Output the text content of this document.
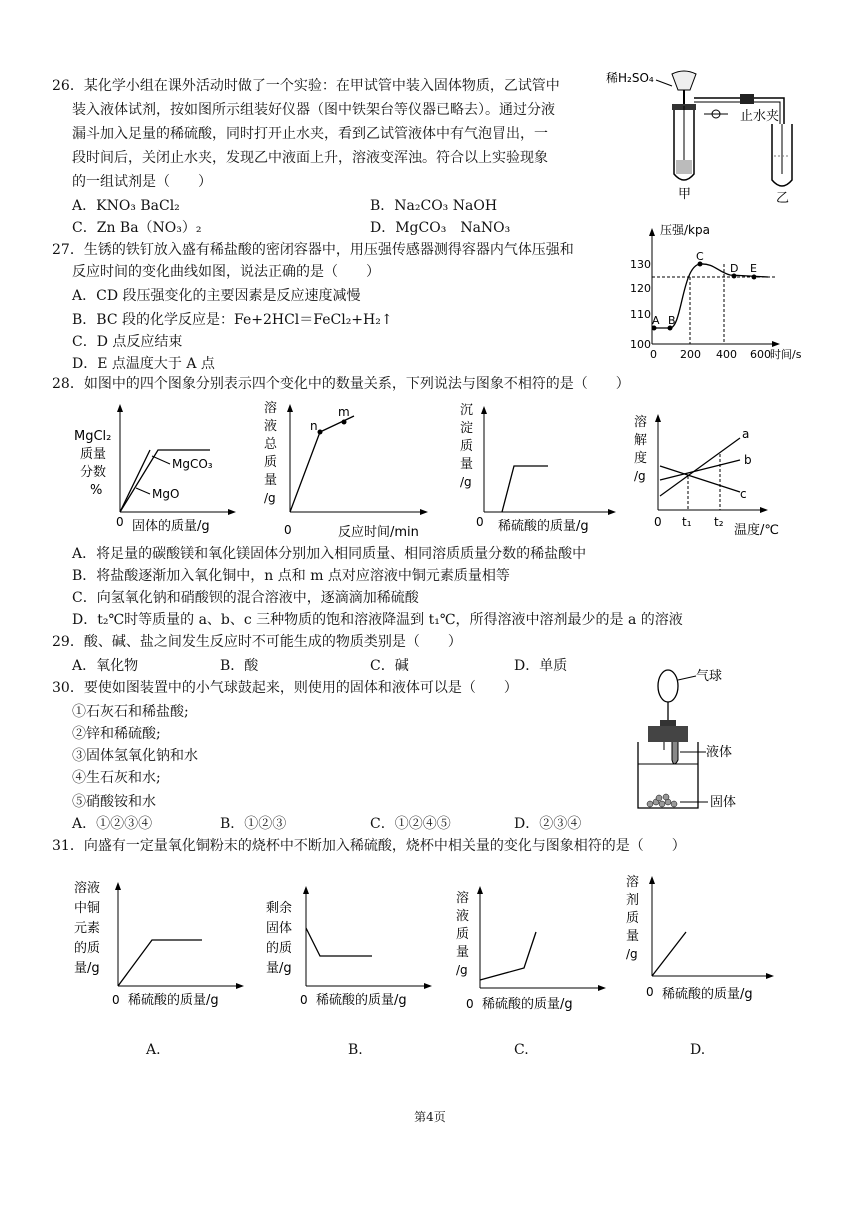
26．某化学小组在课外活动时做了一个实验：在甲试管中装入固体物质，乙试管中
装入液体试剂，按如图所示组装好仪器（图中铁架台等仪器已略去）。通过分液
漏斗加入足量的稀硫酸，同时打开止水夹，看到乙试管液体中有气泡冒出，一
段时间后，关闭止水夹，发现乙中液面上升，溶液变浑浊。符合以上实验现象
的一组试剂是（　　）
A．KNO₃ BaCl₂	B．Na₂CO₃ NaOH
C．Zn Ba（NO₃）₂	D．MgCO₃　NaNO₃
稀H₂SO₄
止水夹
甲	乙
27．生锈的铁钉放入盛有稀盐酸的密闭容器中，用压强传感器测得容器内气体压强和
反应时间的变化曲线如图，说法正确的是（　　）
A．CD 段压强变化的主要因素是反应速度减慢
B．BC 段的化学反应是：Fe+2HCl＝FeCl₂+H₂↑
C．D 点反应结束
D．E 点温度大于 A 点
压强/kpa
130
120
110
100
0 200 400 600 时间/s
A B
C
D E
28．如图中的四个图象分别表示四个变化中的数量关系，下列说法与图象不相符的是（　　）
MgCl₂
质量
分数
%
MgCO₃
MgO
0 固体的质量/g
溶
液
总
质
量
/g
n
m
0	反应时间/min
沉
淀
质
量
/g
0 稀硫酸的质量/g
溶
解
度
/g
a
b
c
0 t₁ t₂
温度/℃
A．将足量的碳酸镁和氧化镁固体分别加入相同质量、相同溶质质量分数的稀盐酸中
B．将盐酸逐渐加入氧化铜中，n 点和 m 点对应溶液中铜元素质量相等
C．向氢氧化钠和硝酸钡的混合溶液中，逐滴滴加稀硫酸
D．t₂℃时等质量的 a、b、c 三种物质的饱和溶液降温到 t₁℃，所得溶液中溶剂最少的是 a 的溶液
29．酸、碱、盐之间发生反应时不可能生成的物质类别是（　　）
A．氧化物	B．酸	C．碱	D．单质
30．要使如图装置中的小气球鼓起来，则使用的固体和液体可以是（　　）
①石灰石和稀盐酸;
②锌和稀硫酸;
③固体氢氧化钠和水
④生石灰和水;
⑤硝酸铵和水
A．①②③④	B．①②③	C．①②④⑤	D．②③④
气球
液体
固体
31．向盛有一定量氧化铜粉末的烧杯中不断加入稀硫酸，烧杯中相关量的变化与图象相符的是（　　）
溶液
中铜
元素
的质
量/g
0 稀硫酸的质量/g
剩余
固体
的质
量/g
0 稀硫酸的质量/g
溶
液
质
量
/g
0 稀硫酸的质量/g
溶
剂
质
量
/g
0 稀硫酸的质量/g
A.	B.	C.	D.
第4页
